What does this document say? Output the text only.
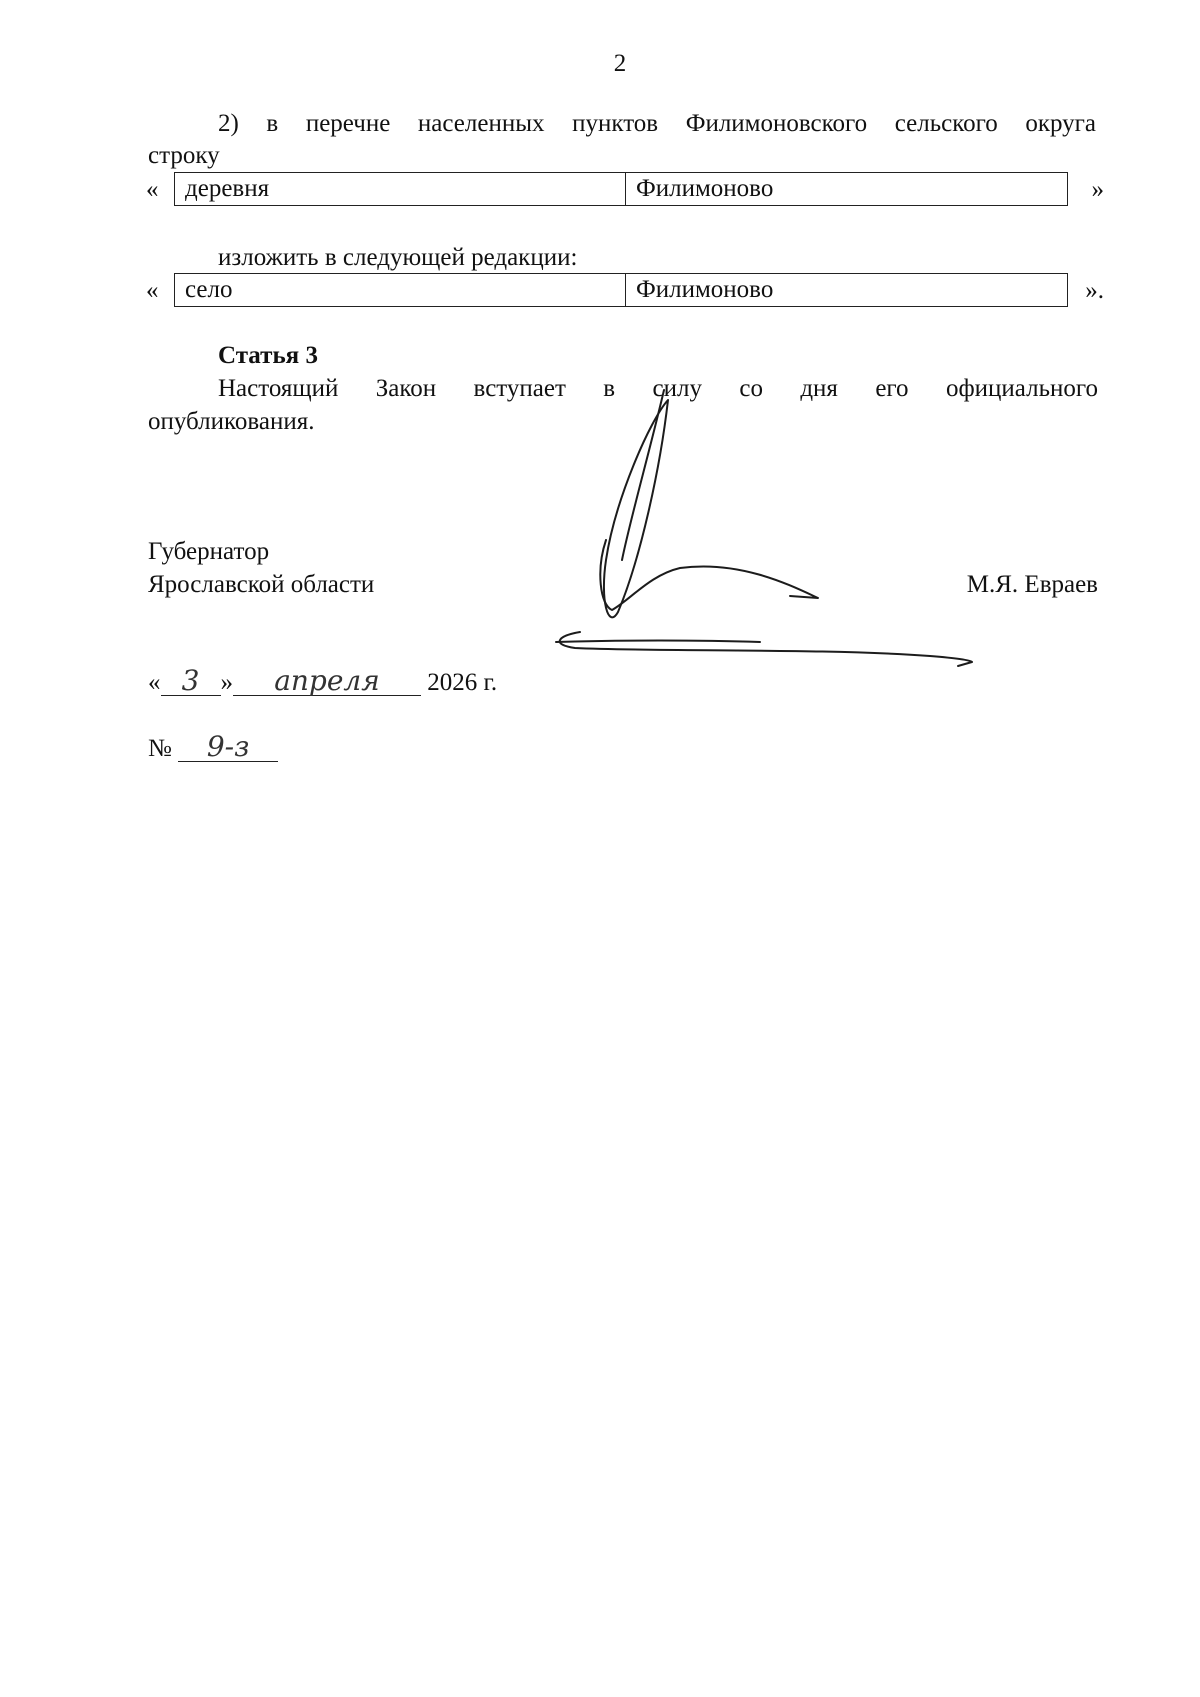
2
2) в перечне населенных пунктов Филимоновского сельского округа
строку
« деревня	Филимоново	»
изложить в следующей редакции:
« село	Филимоново	».
Статья 3
Настоящий Закон вступает в силу со дня его официального
опубликования.
Губернатор
Ярославской области	М.Я. Евраев
« 3 » апреля 2026 г.
№ 9-з
